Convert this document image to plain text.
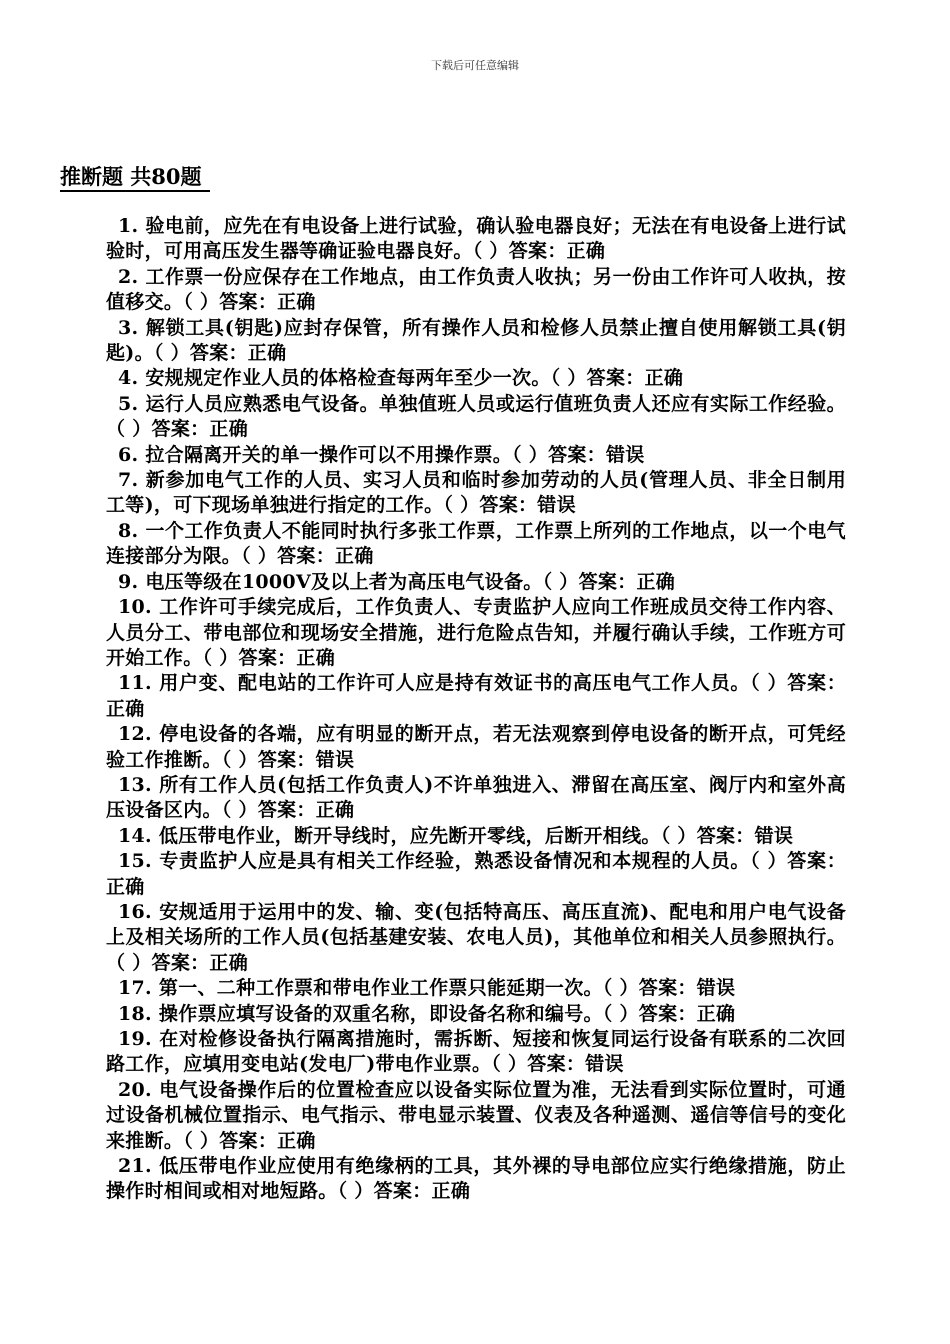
下载后可任意编辑
推断题 共80题
1. 验电前，应先在有电设备上进行试验，确认验电器良好；无法在有电设备上进行试验时，可用高压发生器等确证验电器良好。（ ）答案：正确
2. 工作票一份应保存在工作地点，由工作负责人收执；另一份由工作许可人收执，按值移交。（ ）答案：正确
3. 解锁工具(钥匙)应封存保管，所有操作人员和检修人员禁止擅自使用解锁工具(钥匙)。（ ）答案：正确
4. 安规规定作业人员的体格检查每两年至少一次。（ ）答案：正确
5. 运行人员应熟悉电气设备。单独值班人员或运行值班负责人还应有实际工作经验。（ ）答案：正确
6. 拉合隔离开关的单一操作可以不用操作票。（ ）答案：错误
7. 新参加电气工作的人员、实习人员和临时参加劳动的人员(管理人员、非全日制用工等)，可下现场单独进行指定的工作。（ ）答案：错误
8. 一个工作负责人不能同时执行多张工作票，工作票上所列的工作地点，以一个电气连接部分为限。（ ）答案：正确
9. 电压等级在1000V及以上者为高压电气设备。（ ）答案：正确
10. 工作许可手续完成后，工作负责人、专责监护人应向工作班成员交待工作内容、人员分工、带电部位和现场安全措施，进行危险点告知，并履行确认手续，工作班方可开始工作。（ ）答案：正确
11. 用户变、配电站的工作许可人应是持有效证书的高压电气工作人员。（ ）答案：正确
12. 停电设备的各端，应有明显的断开点，若无法观察到停电设备的断开点，可凭经验工作推断。（ ）答案：错误
13. 所有工作人员(包括工作负责人)不许单独进入、滞留在高压室、阀厅内和室外高压设备区内。（ ）答案：正确
14. 低压带电作业，断开导线时，应先断开零线，后断开相线。（ ）答案：错误
15. 专责监护人应是具有相关工作经验，熟悉设备情况和本规程的人员。（ ）答案：正确
16. 安规适用于运用中的发、输、变(包括特高压、高压直流)、配电和用户电气设备上及相关场所的工作人员(包括基建安装、农电人员)，其他单位和相关人员参照执行。（ ）答案：正确
17. 第一、二种工作票和带电作业工作票只能延期一次。（ ）答案：错误
18. 操作票应填写设备的双重名称，即设备名称和编号。（ ）答案：正确
19. 在对检修设备执行隔离措施时，需拆断、短接和恢复同运行设备有联系的二次回路工作，应填用变电站(发电厂)带电作业票。（ ）答案：错误
20. 电气设备操作后的位置检查应以设备实际位置为准，无法看到实际位置时，可通过设备机械位置指示、电气指示、带电显示装置、仪表及各种遥测、遥信等信号的变化来推断。（ ）答案：正确
21. 低压带电作业应使用有绝缘柄的工具，其外裸的导电部位应实行绝缘措施，防止操作时相间或相对地短路。（ ）答案：正确
